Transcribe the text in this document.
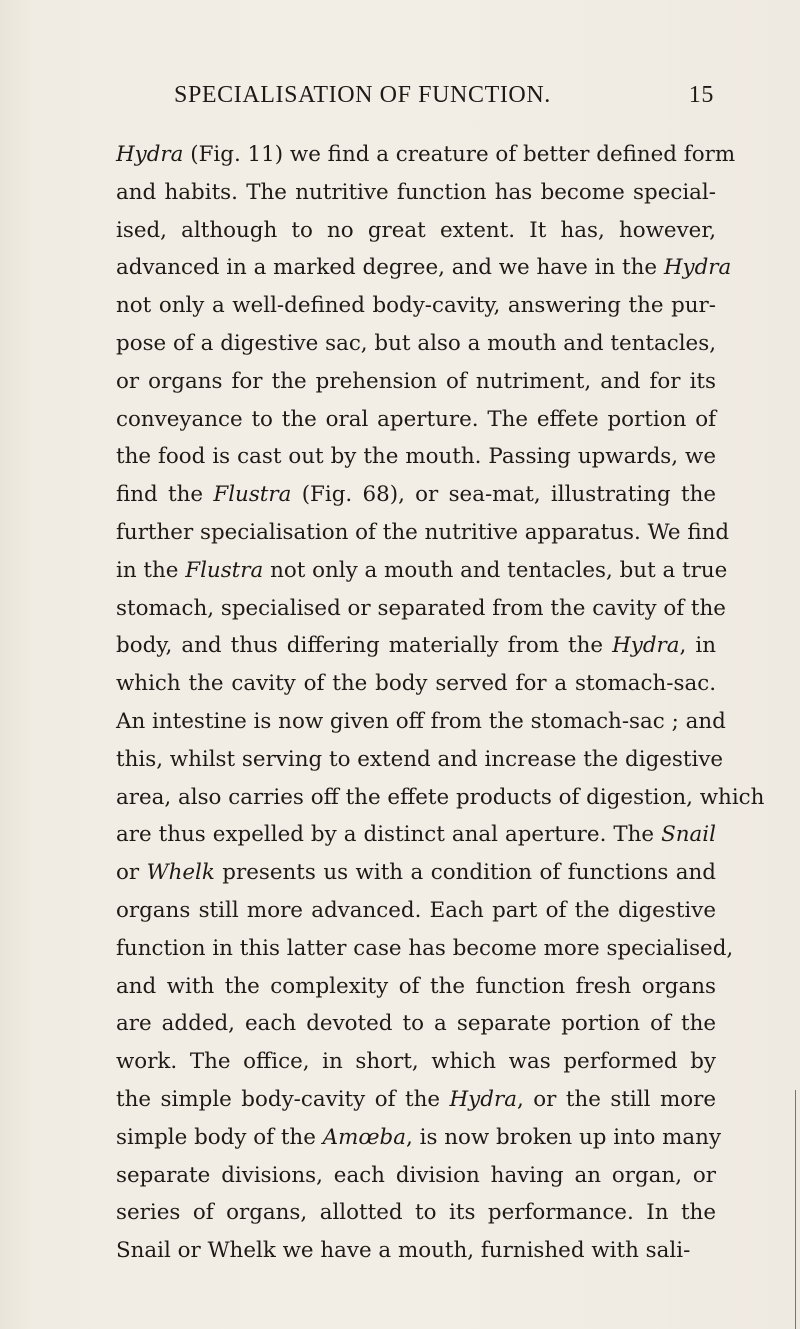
SPECIALISATION OF FUNCTION.	15
Hydra (Fig. 11) we find a creature of better defined form
and habits. The nutritive function has become special-
ised, although to no great extent. It has, however,
advanced in a marked degree, and we have in the Hydra
not only a well-defined body-cavity, answering the pur-
pose of a digestive sac, but also a mouth and tentacles,
or organs for the prehension of nutriment, and for its
conveyance to the oral aperture. The effete portion of
the food is cast out by the mouth. Passing upwards, we
find the Flustra (Fig. 68), or sea-mat, illustrating the
further specialisation of the nutritive apparatus. We find
in the Flustra not only a mouth and tentacles, but a true
stomach, specialised or separated from the cavity of the
body, and thus differing materially from the Hydra, in
which the cavity of the body served for a stomach-sac.
An intestine is now given off from the stomach-sac ; and
this, whilst serving to extend and increase the digestive
area, also carries off the effete products of digestion, which
are thus expelled by a distinct anal aperture. The Snail
or Whelk presents us with a condition of functions and
organs still more advanced. Each part of the digestive
function in this latter case has become more specialised,
and with the complexity of the function fresh organs
are added, each devoted to a separate portion of the
work. The office, in short, which was performed by
the simple body-cavity of the Hydra, or the still more
simple body of the Amœba, is now broken up into many
separate divisions, each division having an organ, or
series of organs, allotted to its performance. In the
Snail or Whelk we have a mouth, furnished with sali-
